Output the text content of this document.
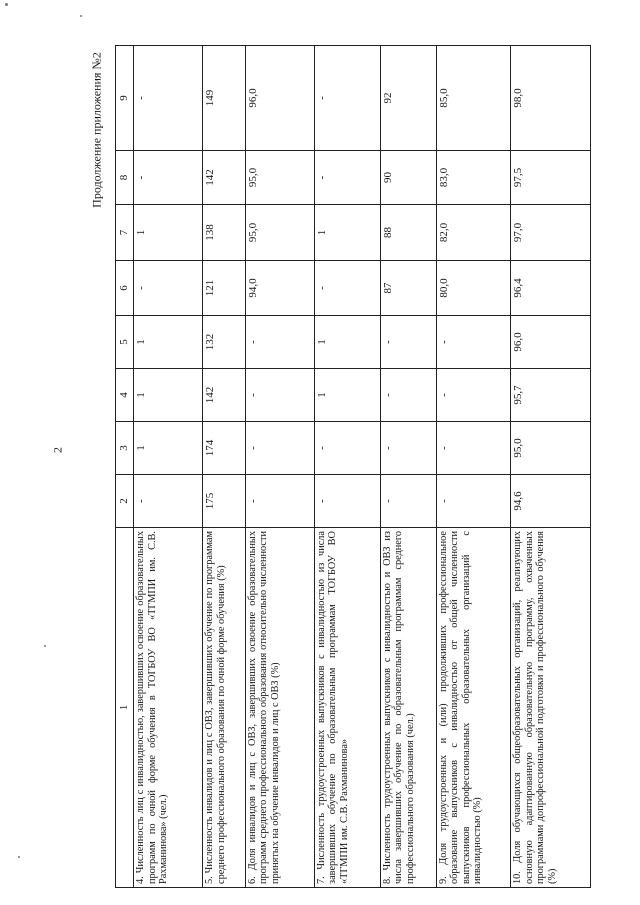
2
Продолжение приложения №2
1	2	3	4	5	6	7	8	9
4. Численность лиц с инвалидностью, завершивших освоение образовательных программ по очной форме обучения в ТОГБОУ ВО «ТГМПИ им. С.В. Рахманинова» (чел.)	-	1	1	1	-	1	-	-
5. Численность инвалидов и лиц с ОВЗ, завершивших обучение по программам среднего профессионального образования по очной форме обучения (%)	175	174	142	132	121	138	142	149
6. Доля инвалидов и лиц с ОВЗ, завершивших освоение образовательных программ среднего профессионального образования относительно численности принятых на обучение инвалидов и лиц с ОВЗ (%)	-	-	-	-	94,0	95,0	95,0	96,0
7. Численность трудоустроенных выпускников с инвалидностью из числа завершивших обучение по образовательным программам ТОГБОУ ВО «ТГМПИ им. С.В. Рахманинова»	-	-	1	1	-	1	-	-
8. Численность трудоустроенных выпускников с инвалидностью и ОВЗ из числа завершивших обучение по образовательным программам среднего профессионального образования (чел.)	-	-	-	-	87	88	90	92
9. Доля трудоустроенных и (или) продолживших профессиональное образование выпускников с инвалидностью от общей численности выпускников профессиональных образовательных организаций с инвалидностью (%)	-	-	-	-	80,0	82,0	83,0	85,0
10. Доля обучающихся общеобразовательных организаций, реализующих основную адаптированную образовательную программу, охваченных программами допрофессиональной подготовки и профессионального обучения (%)	94,6	95,0	95,7	96,0	96,4	97,0	97,5	98,0
